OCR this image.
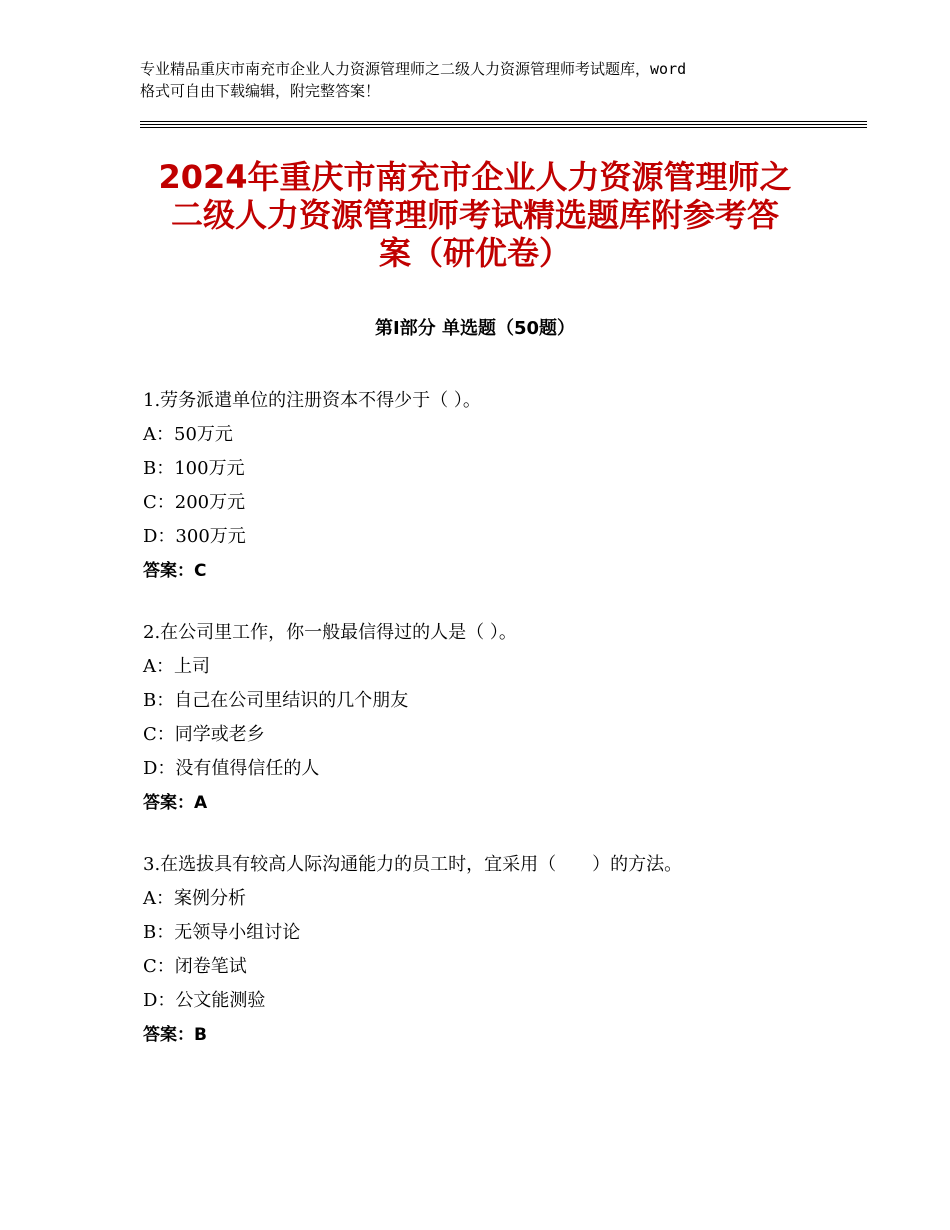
专业精品重庆市南充市企业人力资源管理师之二级人力资源管理师考试题库，word
格式可自由下载编辑，附完整答案！
2024年重庆市南充市企业人力资源管理师之
二级人力资源管理师考试精选题库附参考答
案（研优卷）
第Ⅰ部分 单选题（50题）
1.劳务派遣单位的注册资本不得少于（ ）。
A：50万元
B：100万元
C：200万元
D：300万元
答案：C
2.在公司里工作，你一般最信得过的人是（ ）。
A：上司
B：自己在公司里结识的几个朋友
C：同学或老乡
D：没有值得信任的人
答案：A
3.在选拔具有较高人际沟通能力的员工时，宜采用（　　）的方法。
A：案例分析
B：无领导小组讨论
C：闭卷笔试
D：公文能测验
答案：B
